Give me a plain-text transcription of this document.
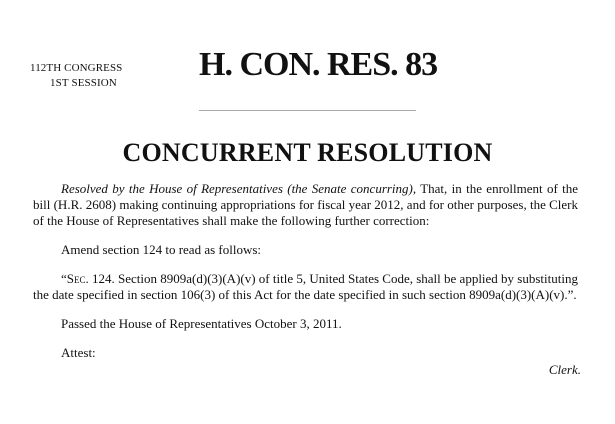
112TH CONGRESS
1ST SESSION H. CON. RES. 83
CONCURRENT RESOLUTION

Resolved by the House of Representatives (the Senate concurring), That, in the enrollment of the bill (H.R. 2608) making continuing appropriations for fiscal year 2012, and for other purposes, the Clerk of the House of Representatives shall make the following further correction:

Amend section 124 to read as follows:

“Sec. 124. Section 8909a(d)(3)(A)(v) of title 5, United States Code, shall be applied by substituting the date specified in section 106(3) of this Act for the date specified in such section 8909a(d)(3)(A)(v).”.

Passed the House of Representatives October 3, 2011.

Attest:

Clerk.
